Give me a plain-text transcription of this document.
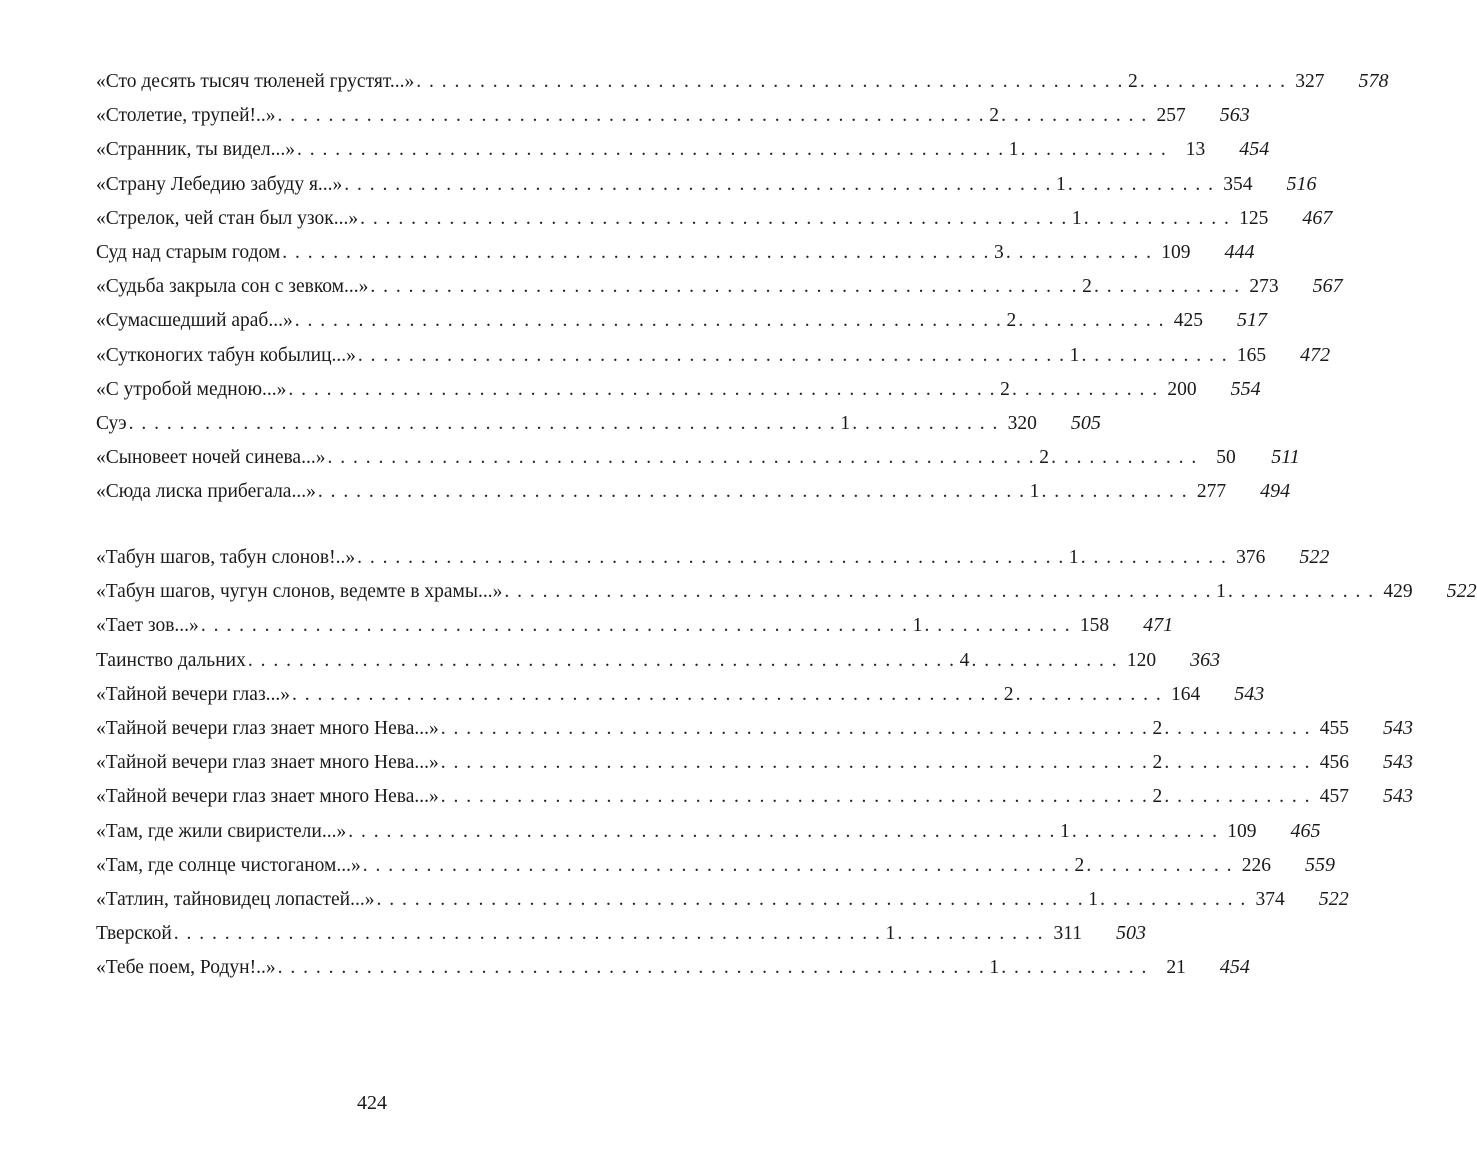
«Сто десять тысяч тюленей грустят...» . . .	2 . . .	327	578
«Столетие, трупей!..» . . .	2 . . .	257	563
«Странник, ты видел...» . . .	1 . . .	13	454
«Страну Лебедию забуду я...» . . .	1 . . .	354	516
«Стрелок, чей стан был узок...» . . .	1 . . .	125	467
Суд над старым годом . . .	3 . . .	109	444
«Судьба закрыла сон с зевком...» . . .	2 . . .	273	567
«Сумасшедший араб...» . . .	2 . . .	425	517
«Сутконогих табун кобылиц...» . . .	1 . . .	165	472
«С утробой медною...» . . .	2 . . .	200	554
Суэ . . .	1 . . .	320	505
«Сыновеет ночей синева...» . . .	2 . . .	50	511
«Сюда лиска прибегала...» . . .	1 . . .	277	494
«Табун шагов, табун слонов!..» . . .	1 . . .	376	522
«Табун шагов, чугун слонов, ведемте в храмы...» . . .	1 . . .	429	522
«Тает зов...» . . .	1 . . .	158	471
Таинство дальних . . .	4 . . .	120	363
«Тайной вечери глаз...» . . .	2 . . .	164	543
«Тайной вечери глаз знает много Нева...» . . .	2 . . .	455	543
«Тайной вечери глаз знает много Нева...» . . .	2 . . .	456	543
«Тайной вечери глаз знает много Нева...» . . .	2 . . .	457	543
«Там, где жили свиристели...» . . .	1 . . .	109	465
«Там, где солнце чистоганом...» . . .	2 . . .	226	559
«Татлин, тайновидец лопастей...» . . .	1 . . .	374	522
Тверской . . .	1 . . .	311	503
«Тебе поем, Родун!..» . . .	1 . . .	21	454
424
